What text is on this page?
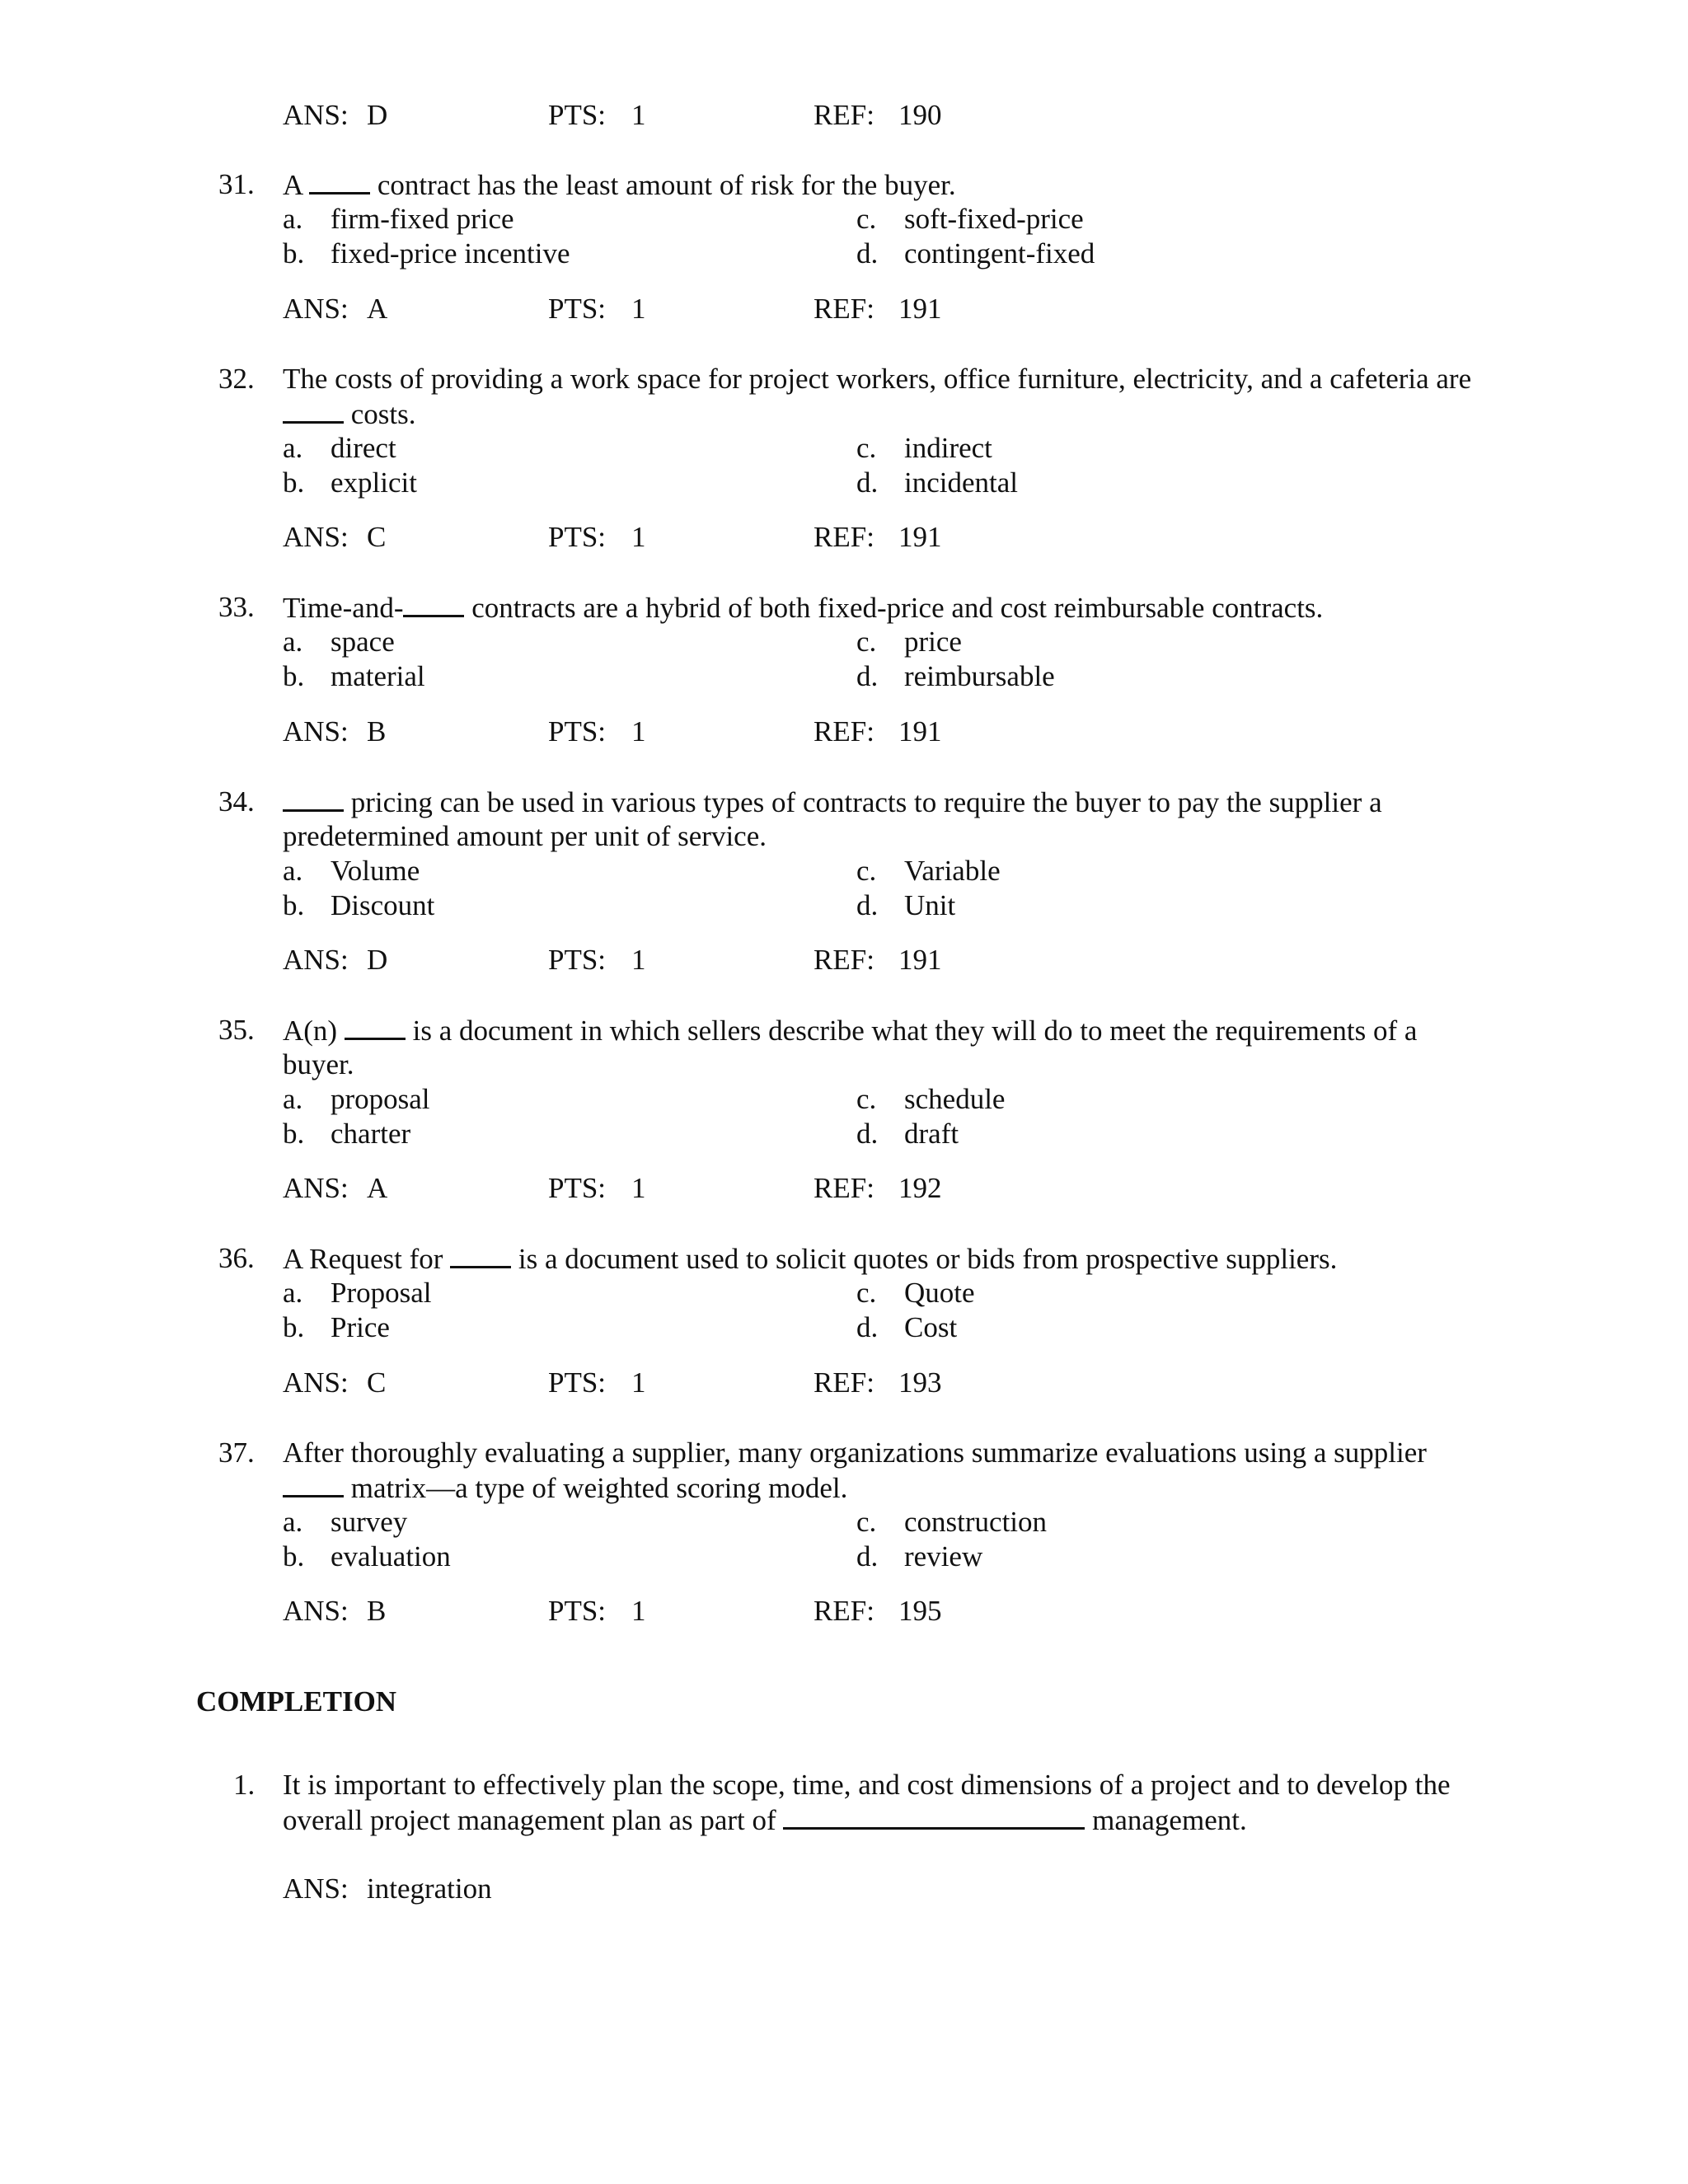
ANS: D	PTS: 1	REF: 190
31. A  contract has the least amount of risk for the buyer.
a. firm-fixed price
b. fixed-price incentive
c. soft-fixed-price
d. contingent-fixed
ANS: A	PTS: 1	REF: 191
32. The costs of providing a work space for project workers, office furniture, electricity, and a cafeteria are
costs.
a. direct
b. explicit
c. indirect
d. incidental
ANS: C	PTS: 1	REF: 191
33. Time-and- contracts are a hybrid of both fixed-price and cost reimbursable contracts.
a. space
b. material
c. price
d. reimbursable
ANS: B	PTS: 1	REF: 191
34.	pricing can be used in various types of contracts to require the buyer to pay the supplier a
predetermined amount per unit of service.
a. Volume
b. Discount
c. Variable
d. Unit
ANS: D	PTS: 1	REF: 191
35. A(n)  is a document in which sellers describe what they will do to meet the requirements of a
buyer.
a. proposal
b. charter
c. schedule
d. draft
ANS: A	PTS: 1	REF: 192
36. A Request for  is a document used to solicit quotes or bids from prospective suppliers.
a. Proposal
b. Price
c. Quote
d. Cost
ANS: C	PTS: 1	REF: 193
37. After thoroughly evaluating a supplier, many organizations summarize evaluations using a supplier
matrix—a type of weighted scoring model.
a. survey
b. evaluation
c. construction
d. review
ANS: B	PTS: 1	REF: 195
COMPLETION
1. It is important to effectively plan the scope, time, and cost dimensions of a project and to develop the
overall project management plan as part of	management.
ANS: integration
